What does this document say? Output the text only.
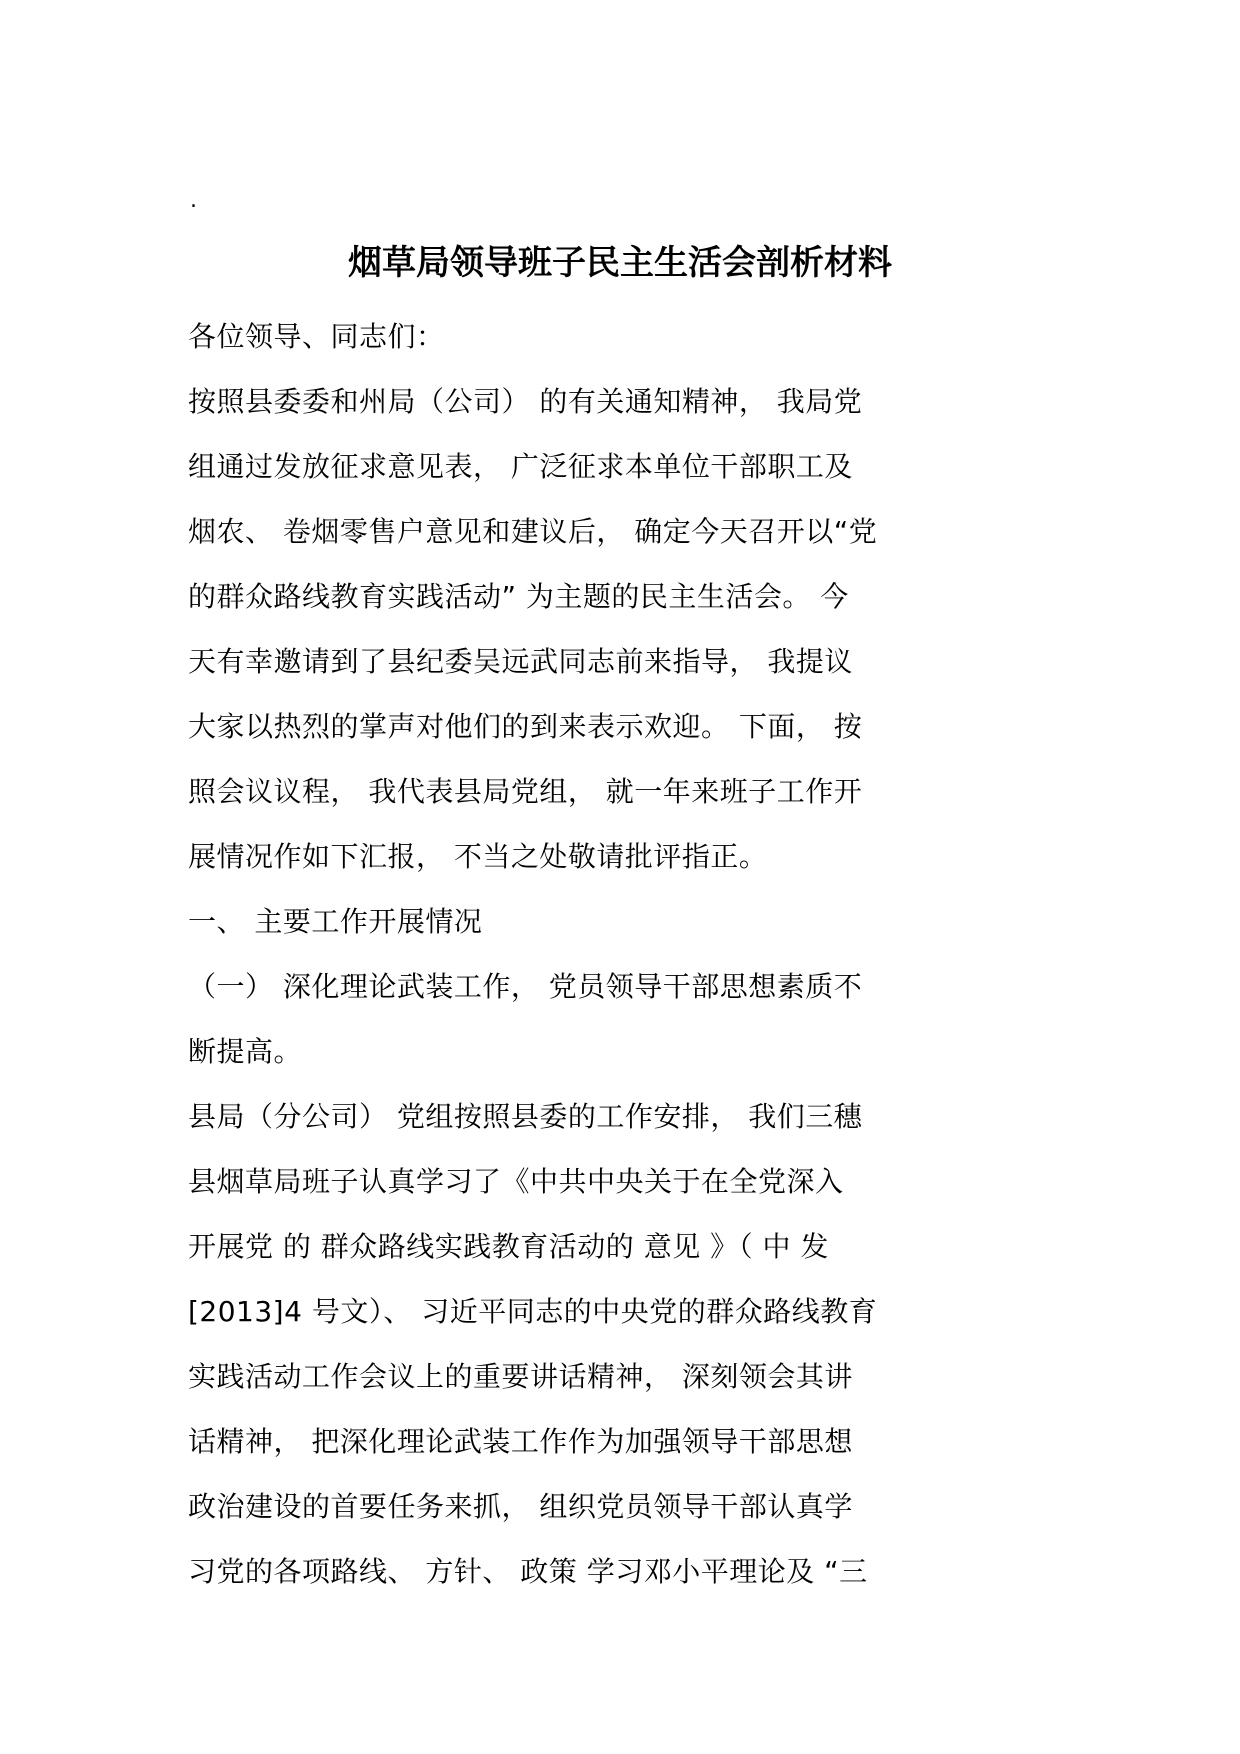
.
烟草局领导班子民主生活会剖析材料
各位领导、同志们：
按照县委委和州局（公司） 的有关通知精神， 我局党
组通过发放征求意见表， 广泛征求本单位干部职工及
烟农、 卷烟零售户意见和建议后， 确定今天召开以“党
的群众路线教育实践活动” 为主题的民主生活会。 今
天有幸邀请到了县纪委吴远武同志前来指导， 我提议
大家以热烈的掌声对他们的到来表示欢迎。 下面， 按
照会议议程， 我代表县局党组， 就一年来班子工作开
展情况作如下汇报， 不当之处敬请批评指正。
一、 主要工作开展情况
（一） 深化理论武装工作， 党员领导干部思想素质不
断提高。
县局（分公司） 党组按照县委的工作安排， 我们三穗
县烟草局班子认真学习了《中共中央关于在全党深入
开展党 的 群众路线实践教育活动的 意见 》（ 中 发
[2013]4 号文）、 习近平同志的中央党的群众路线教育
实践活动工作会议上的重要讲话精神， 深刻领会其讲
话精神， 把深化理论武装工作作为加强领导干部思想
政治建设的首要任务来抓， 组织党员领导干部认真学
习党的各项路线、 方针、 政策 学习邓小平理论及 “三
